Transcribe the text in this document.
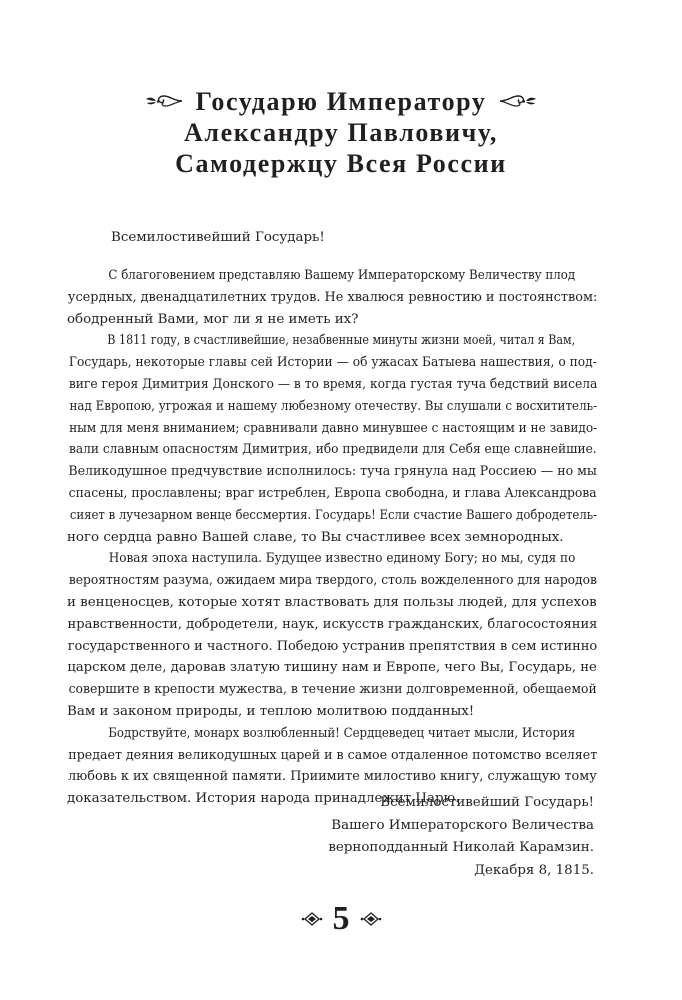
Государю Императору
Александру Павловичу,
Самодержцу Всея России
Всемилостивейший Государь!

С благоговением представляю Вашему Императорскому Величеству плод
усердных, двенадцатилетних трудов. Не хвалюся ревностию и постоянством:
ободренный Вами, мог ли я не иметь их?

В 1811 году, в счастливейшие, незабвенные минуты жизни моей, читал я Вам,
Государь, некоторые главы сей Истории — об ужасах Батыева нашествия, о под-
виге героя Димитрия Донского — в то время, когда густая туча бедствий висела
над Европою, угрожая и нашему любезному отечеству. Вы слушали с восхититель-
ным для меня вниманием; сравнивали давно минувшее с настоящим и не завидо-
вали славным опасностям Димитрия, ибо предвидели для Себя еще славнейшие.
Великодушное предчувствие исполнилось: туча грянула над Россиею — но мы
спасены, прославлены; враг истреблен, Европа свободна, и глава Александрова
сияет в лучезарном венце бессмертия. Государь! Если счастие Вашего добродетель-
ного сердца равно Вашей славе, то Вы счастливее всех земнородных.

Новая эпоха наступила. Будущее известно единому Богу; но мы, судя по
вероятностям разума, ожидаем мира твердого, столь вожделенного для народов
и венценосцев, которые хотят властвовать для пользы людей, для успехов
нравственности, добродетели, наук, искусств гражданских, благосостояния
государственного и частного. Победою устранив препятствия в сем истинно
царском деле, даровав златую тишину нам и Европе, чего Вы, Государь, не
совершите в крепости мужества, в течение жизни долговременной, обещаемой
Вам и законом природы, и теплою молитвою подданных!

Бодрствуйте, монарх возлюбленный! Сердцеведец читает мысли, История
предает деяния великодушных царей и в самое отдаленное потомство вселяет
любовь к их священной памяти. Приимите милостиво книгу, служащую тому
доказательством. История народа принадлежит Царю.

Всемилостивейший Государь!
Вашего Императорского Величества
верноподданный Николай Карамзин.
Декабря 8, 1815.
5
